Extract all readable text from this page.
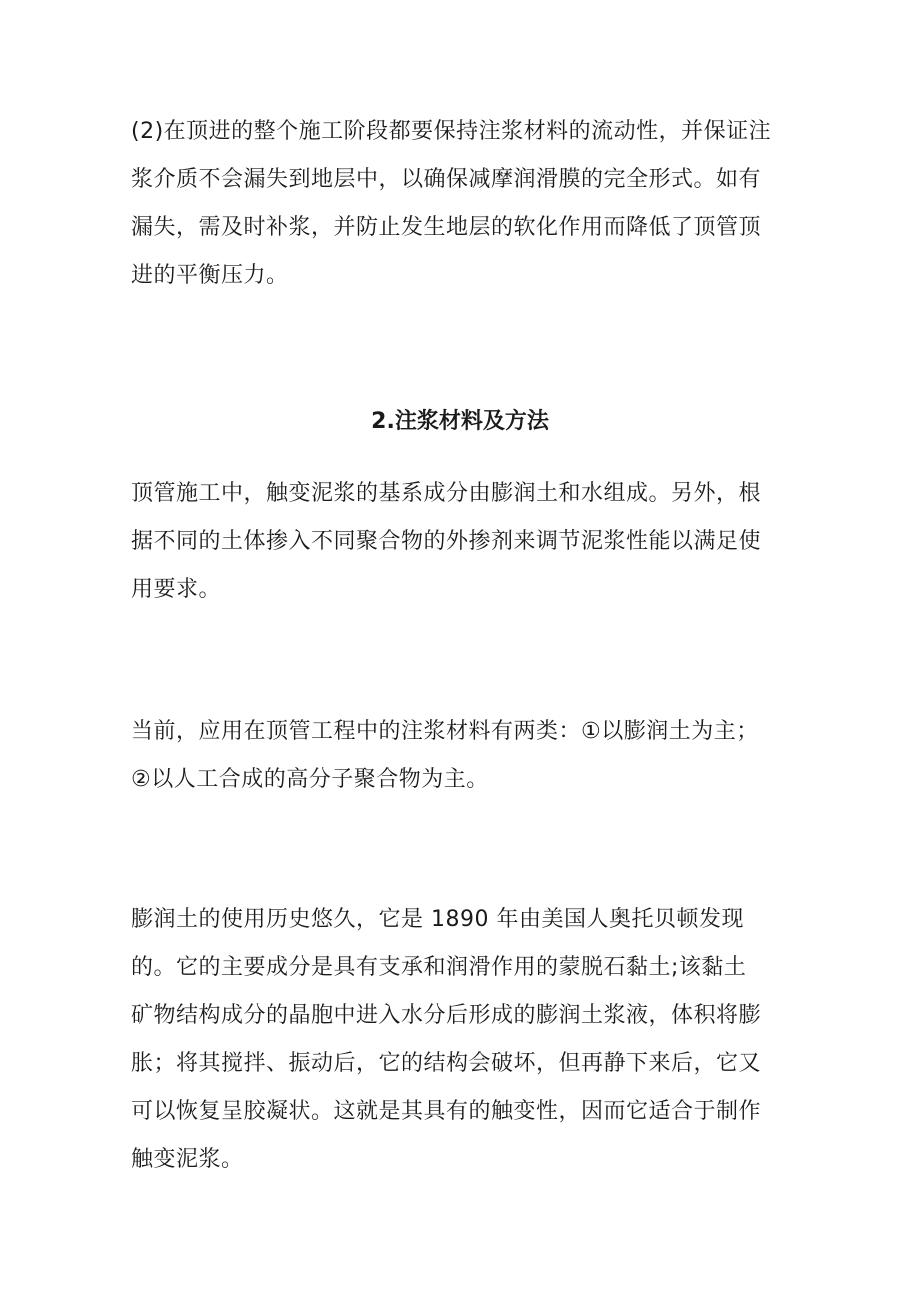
(2)在顶进的整个施工阶段都要保持注浆材料的流动性，并保证注
浆介质不会漏失到地层中，以确保减摩润滑膜的完全形式。如有
漏失，需及时补浆，并防止发生地层的软化作用而降低了顶管顶
进的平衡压力。

2.注浆材料及方法

顶管施工中，触变泥浆的基系成分由膨润土和水组成。另外，根
据不同的土体掺入不同聚合物的外掺剂来调节泥浆性能以满足使
用要求。

当前，应用在顶管工程中的注浆材料有两类：①以膨润土为主；
②以人工合成的高分子聚合物为主。

膨润土的使用历史悠久，它是 1890 年由美国人奥托贝顿发现
的。它的主要成分是具有支承和润滑作用的蒙脱石黏土;该黏土
矿物结构成分的晶胞中进入水分后形成的膨润土浆液，体积将膨
胀；将其搅拌、振动后，它的结构会破坏，但再静下来后，它又
可以恢复呈胶凝状。这就是其具有的触变性，因而它适合于制作
触变泥浆。
